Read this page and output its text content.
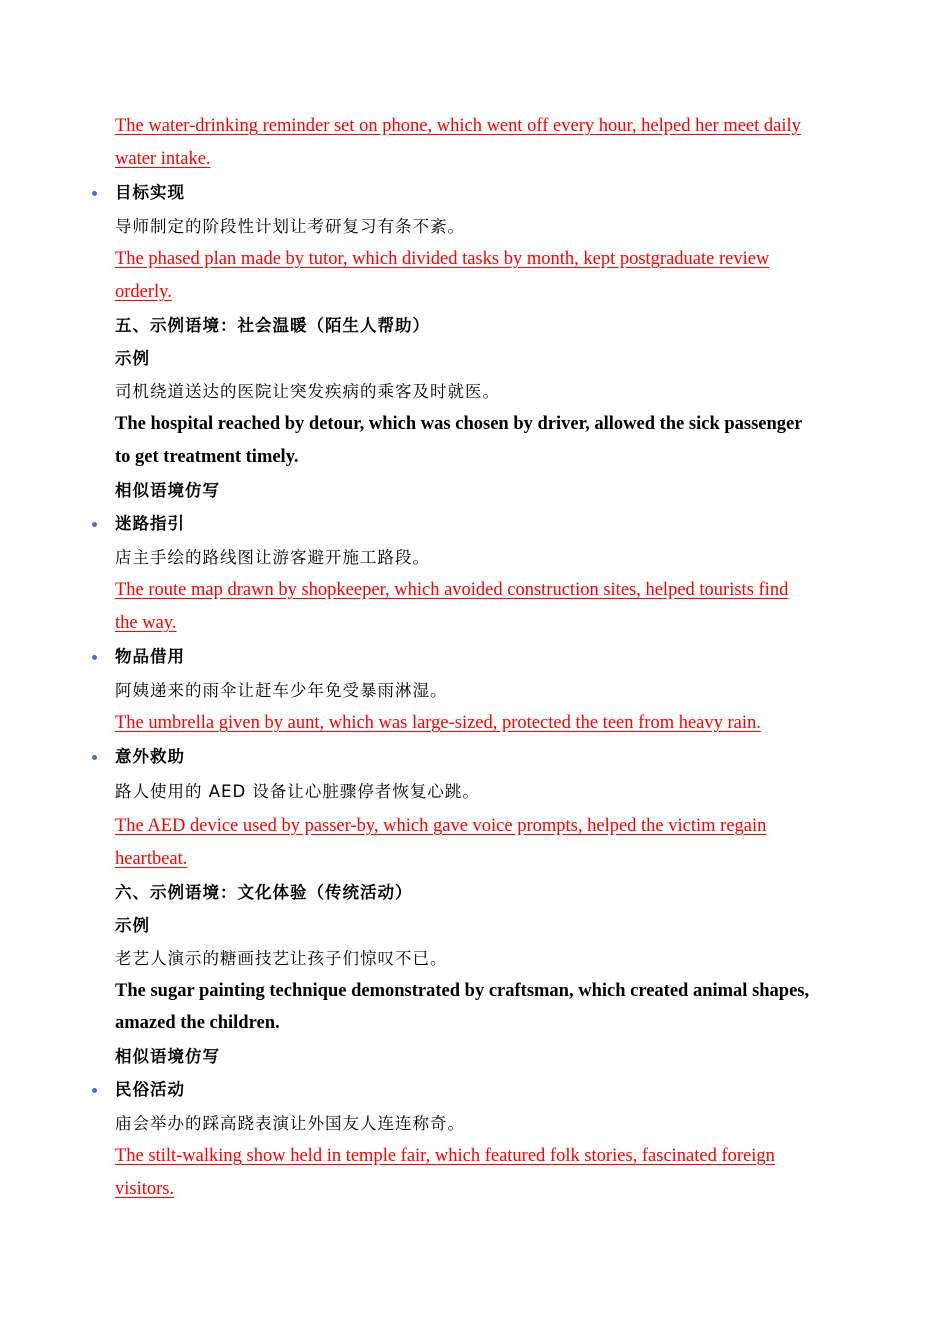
The water-drinking reminder set on phone, which went off every hour, helped her meet daily
water intake.
目标实现
导师制定的阶段性计划让考研复习有条不紊。
The phased plan made by tutor, which divided tasks by month, kept postgraduate review
orderly.
五、示例语境：社会温暖（陌生人帮助）
示例
司机绕道送达的医院让突发疾病的乘客及时就医。
The hospital reached by detour, which was chosen by driver, allowed the sick passenger
to get treatment timely.
相似语境仿写
迷路指引
店主手绘的路线图让游客避开施工路段。
The route map drawn by shopkeeper, which avoided construction sites, helped tourists find
the way.
物品借用
阿姨递来的雨伞让赶车少年免受暴雨淋湿。
The umbrella given by aunt, which was large-sized, protected the teen from heavy rain.
意外救助
路人使用的 AED 设备让心脏骤停者恢复心跳。
The AED device used by passer-by, which gave voice prompts, helped the victim regain
heartbeat.
六、示例语境：文化体验（传统活动）
示例
老艺人演示的糖画技艺让孩子们惊叹不已。
The sugar painting technique demonstrated by craftsman, which created animal shapes,
amazed the children.
相似语境仿写
民俗活动
庙会举办的踩高跷表演让外国友人连连称奇。
The stilt-walking show held in temple fair, which featured folk stories, fascinated foreign
visitors.
